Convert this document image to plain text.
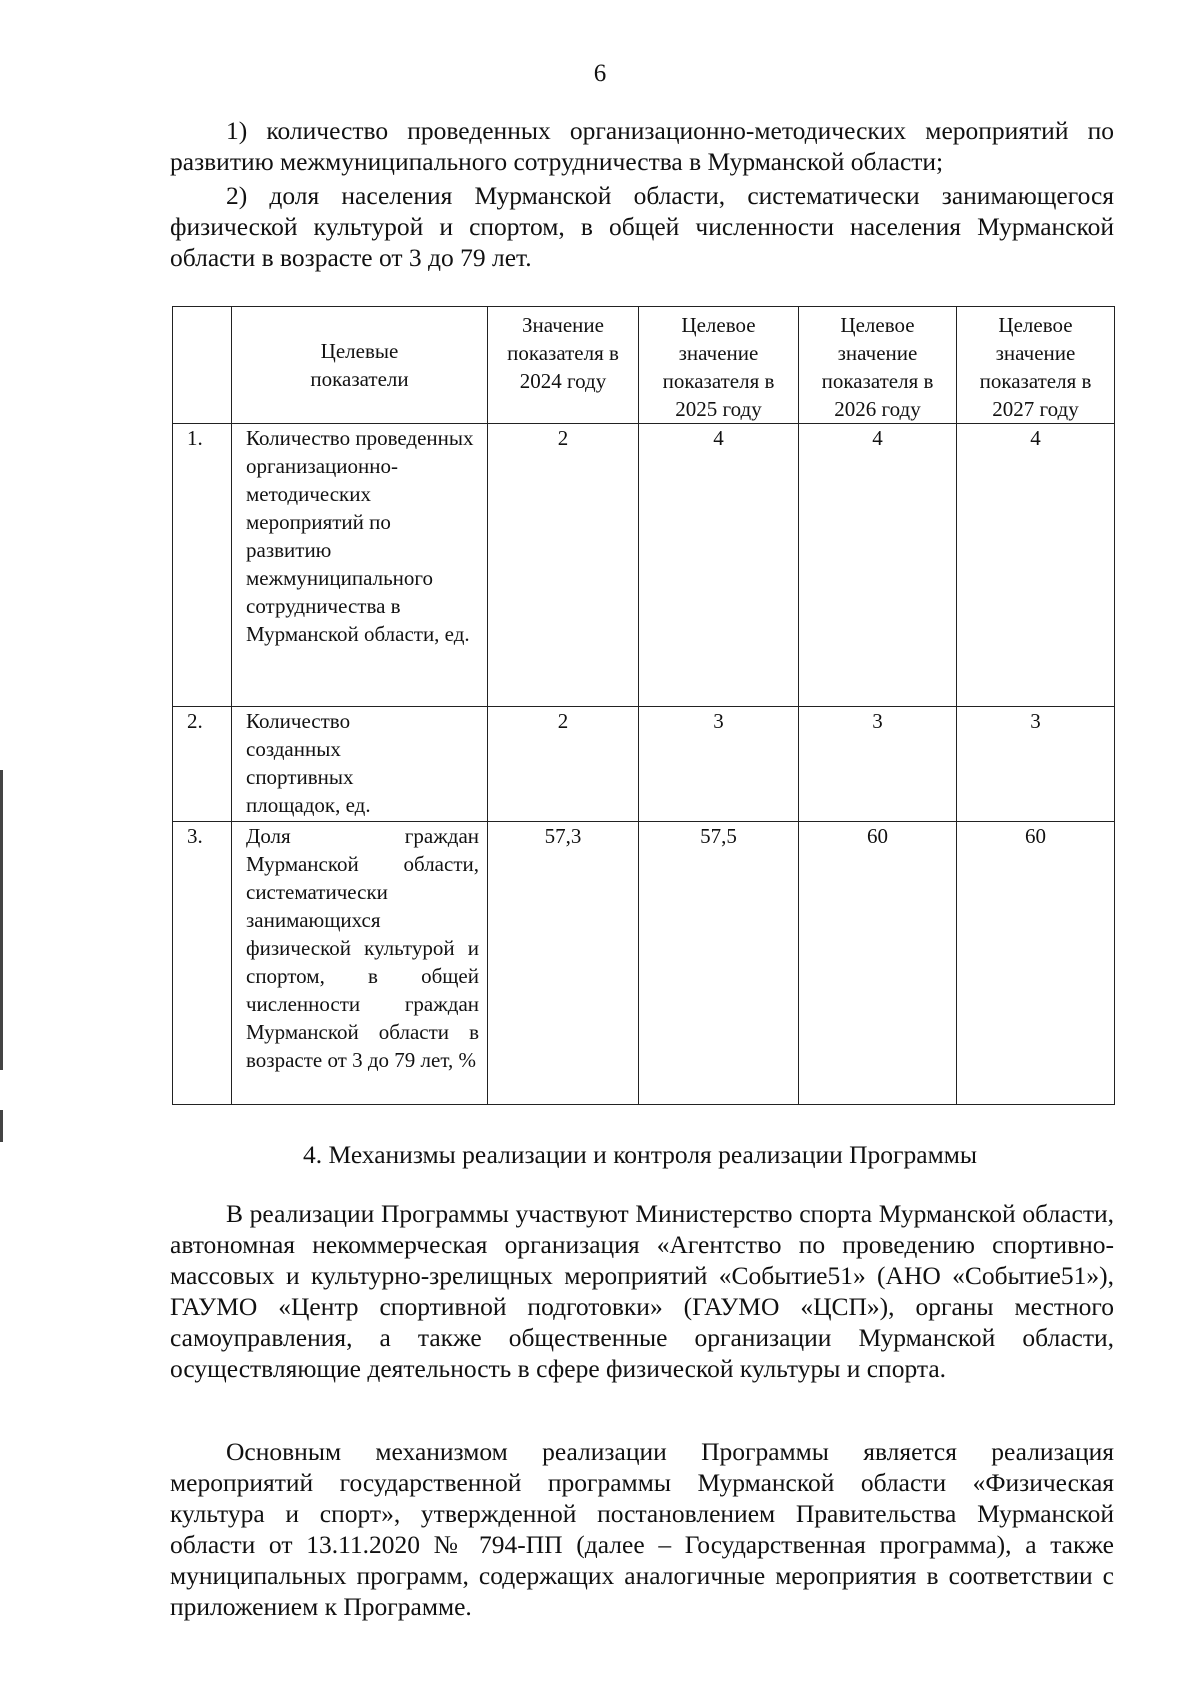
6

1) количество проведенных организационно-методических мероприятий по развитию межмуниципального сотрудничества в Мурманской области;

2) доля населения Мурманской области, систематически занимающегося физической культурой и спортом, в общей численности населения Мурманской области в возрасте от 3 до 79 лет.

	Целевые показатели	Значение показателя в 2024 году	Целевое значение показателя в 2025 году	Целевое значение показателя в 2026 году	Целевое значение показателя в 2027 году
1.	Количество проведенных организационно-методических мероприятий по развитию межмуниципального сотрудничества в Мурманской области, ед.	2	4	4	4
2.	Количество созданных спортивных площадок, ед.	2	3	3	3
3.	Доля граждан Мурманской области, систематически занимающихся физической культурой и спортом, в общей численности граждан Мурманской области в возрасте от 3 до 79 лет, %	57,3	57,5	60	60
4. Механизмы реализации и контроля реализации Программы

В реализации Программы участвуют Министерство спорта Мурманской области, автономная некоммерческая организация «Агентство по проведению спортивно-массовых и культурно-зрелищных мероприятий «Событие51» (АНО «Событие51»), ГАУМО «Центр спортивной подготовки» (ГАУМО «ЦСП»), органы местного самоуправления, а также общественные организации Мурманской области, осуществляющие деятельность в сфере физической культуры и спорта.

Основным механизмом реализации Программы является реализация мероприятий государственной программы Мурманской области «Физическая культура и спорт», утвержденной постановлением Правительства Мурманской области от 13.11.2020 № 794-ПП (далее – Государственная программа), а также муниципальных программ, содержащих аналогичные мероприятия в соответствии с приложением к Программе.
